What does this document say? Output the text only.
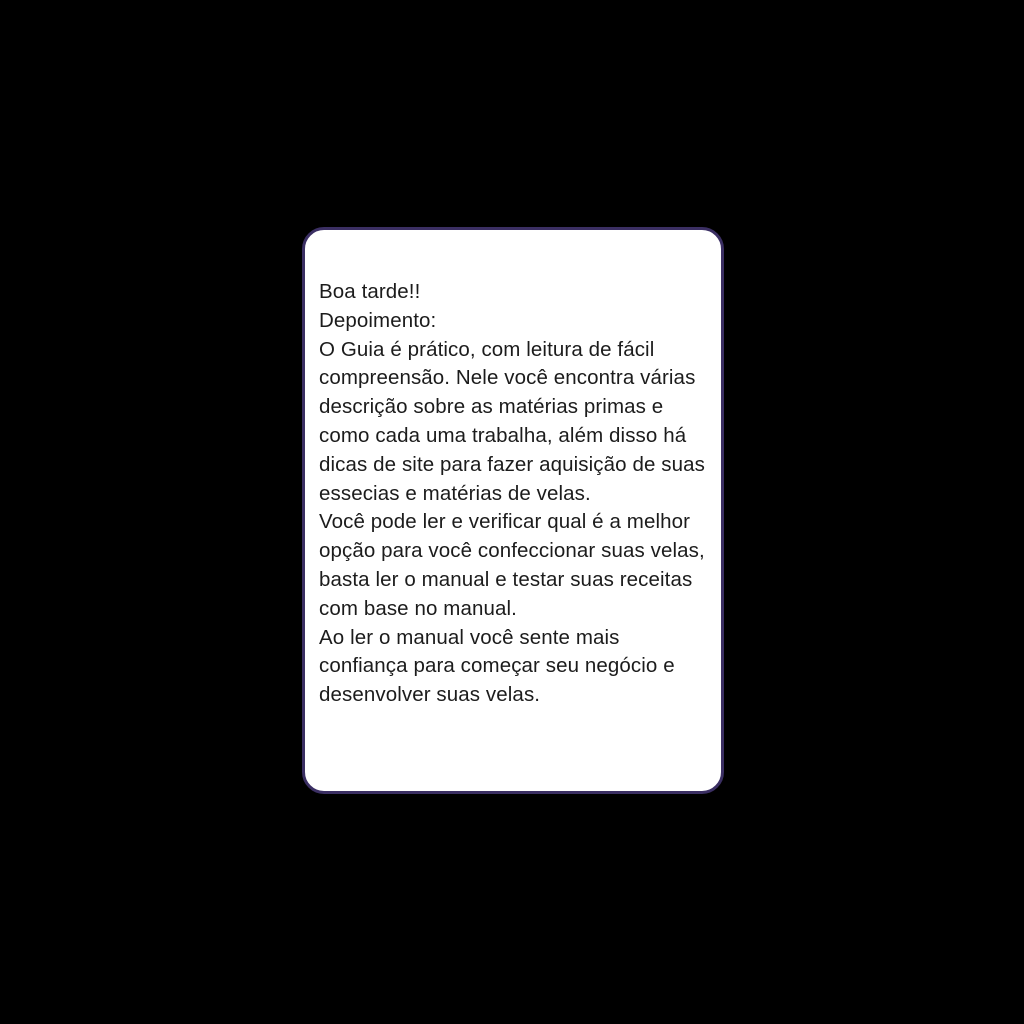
Boa tarde!!

Depoimento:

O Guia é prático, com leitura de fácil compreensão. Nele você encontra várias descrição sobre as matérias primas e como cada uma trabalha, além disso há dicas de site para fazer aquisição de suas essecias e matérias de velas.

Você pode ler e verificar qual é a melhor opção para você confeccionar suas velas, basta ler o manual e testar suas receitas com base no manual.

Ao ler o manual você sente mais confiança para começar seu negócio e desenvolver suas velas.
